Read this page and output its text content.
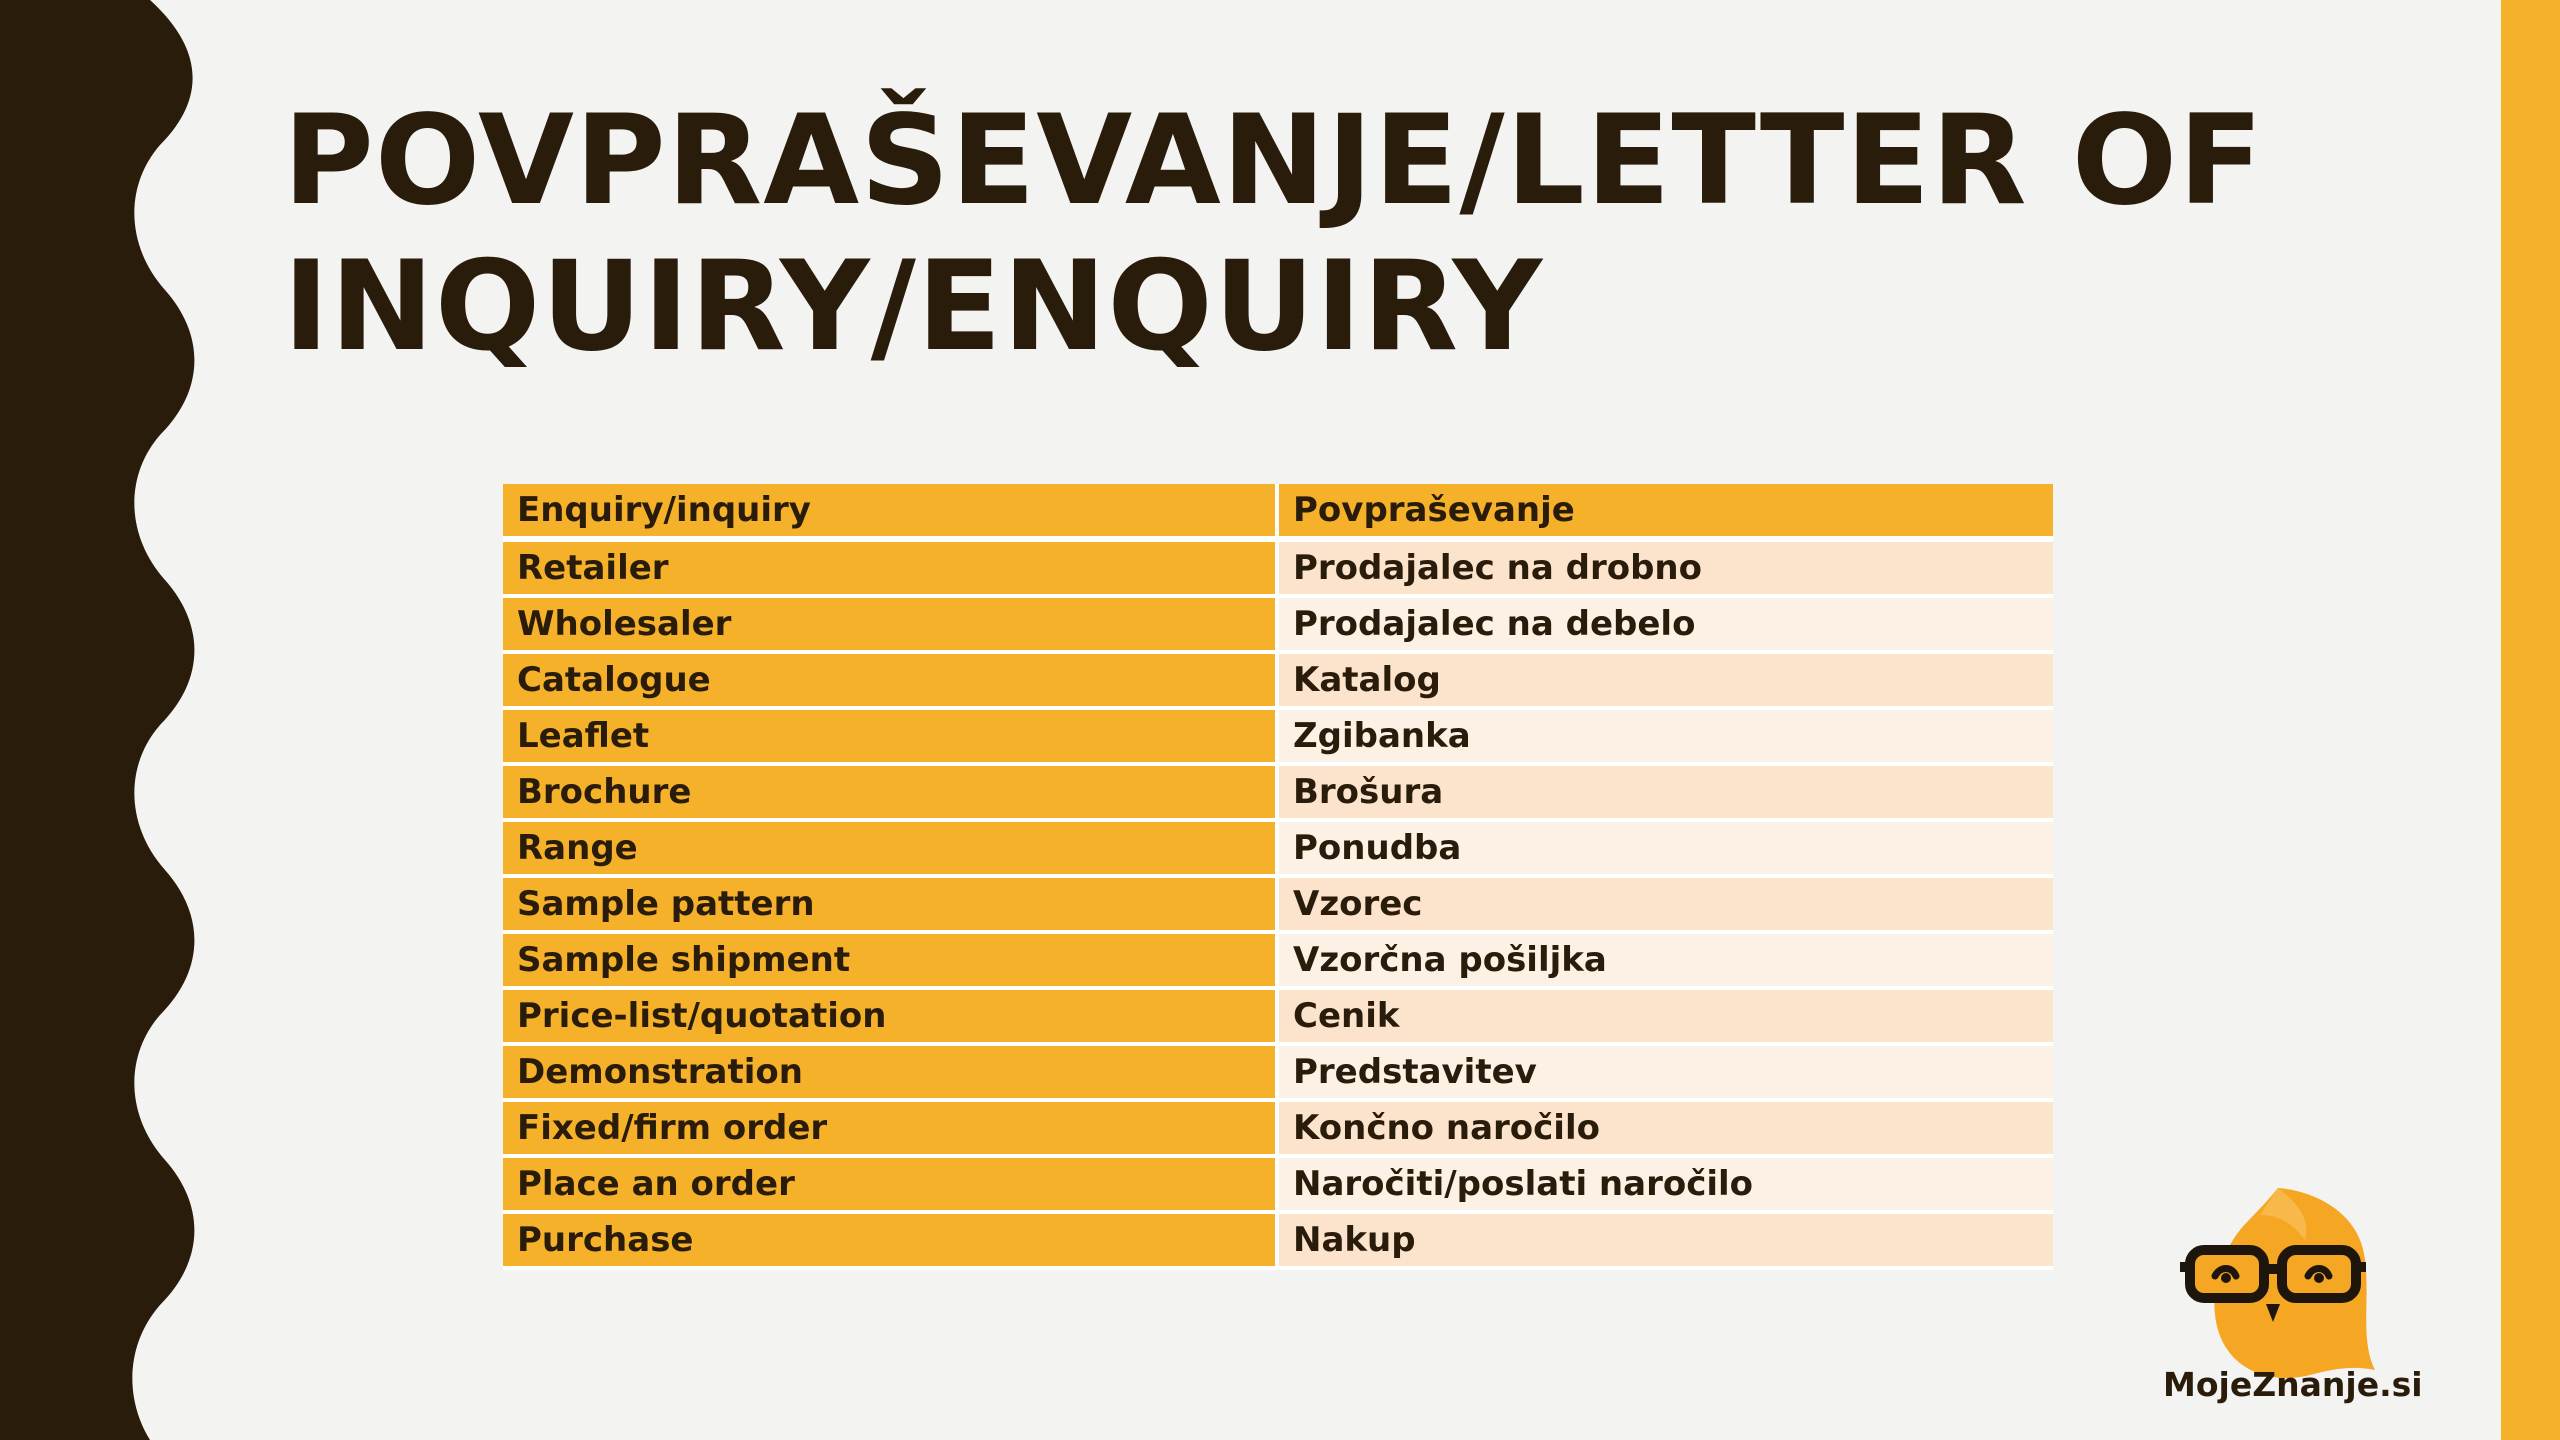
POVPRAŠEVANJE/LETTER OF
INQUIRY/ENQUIRY
Enquiry/inquiry	Povpraševanje
Retailer	Prodajalec na drobno
Wholesaler	Prodajalec na debelo
Catalogue	Katalog
Leaflet	Zgibanka
Brochure	Brošura
Range	Ponudba
Sample pattern	Vzorec
Sample shipment	Vzorčna pošiljka
Price-list/quotation	Cenik
Demonstration	Predstavitev
Fixed/firm order	Končno naročilo
Place an order	Naročiti/poslati naročilo
Purchase	Nakup
MojeZnanje.si
